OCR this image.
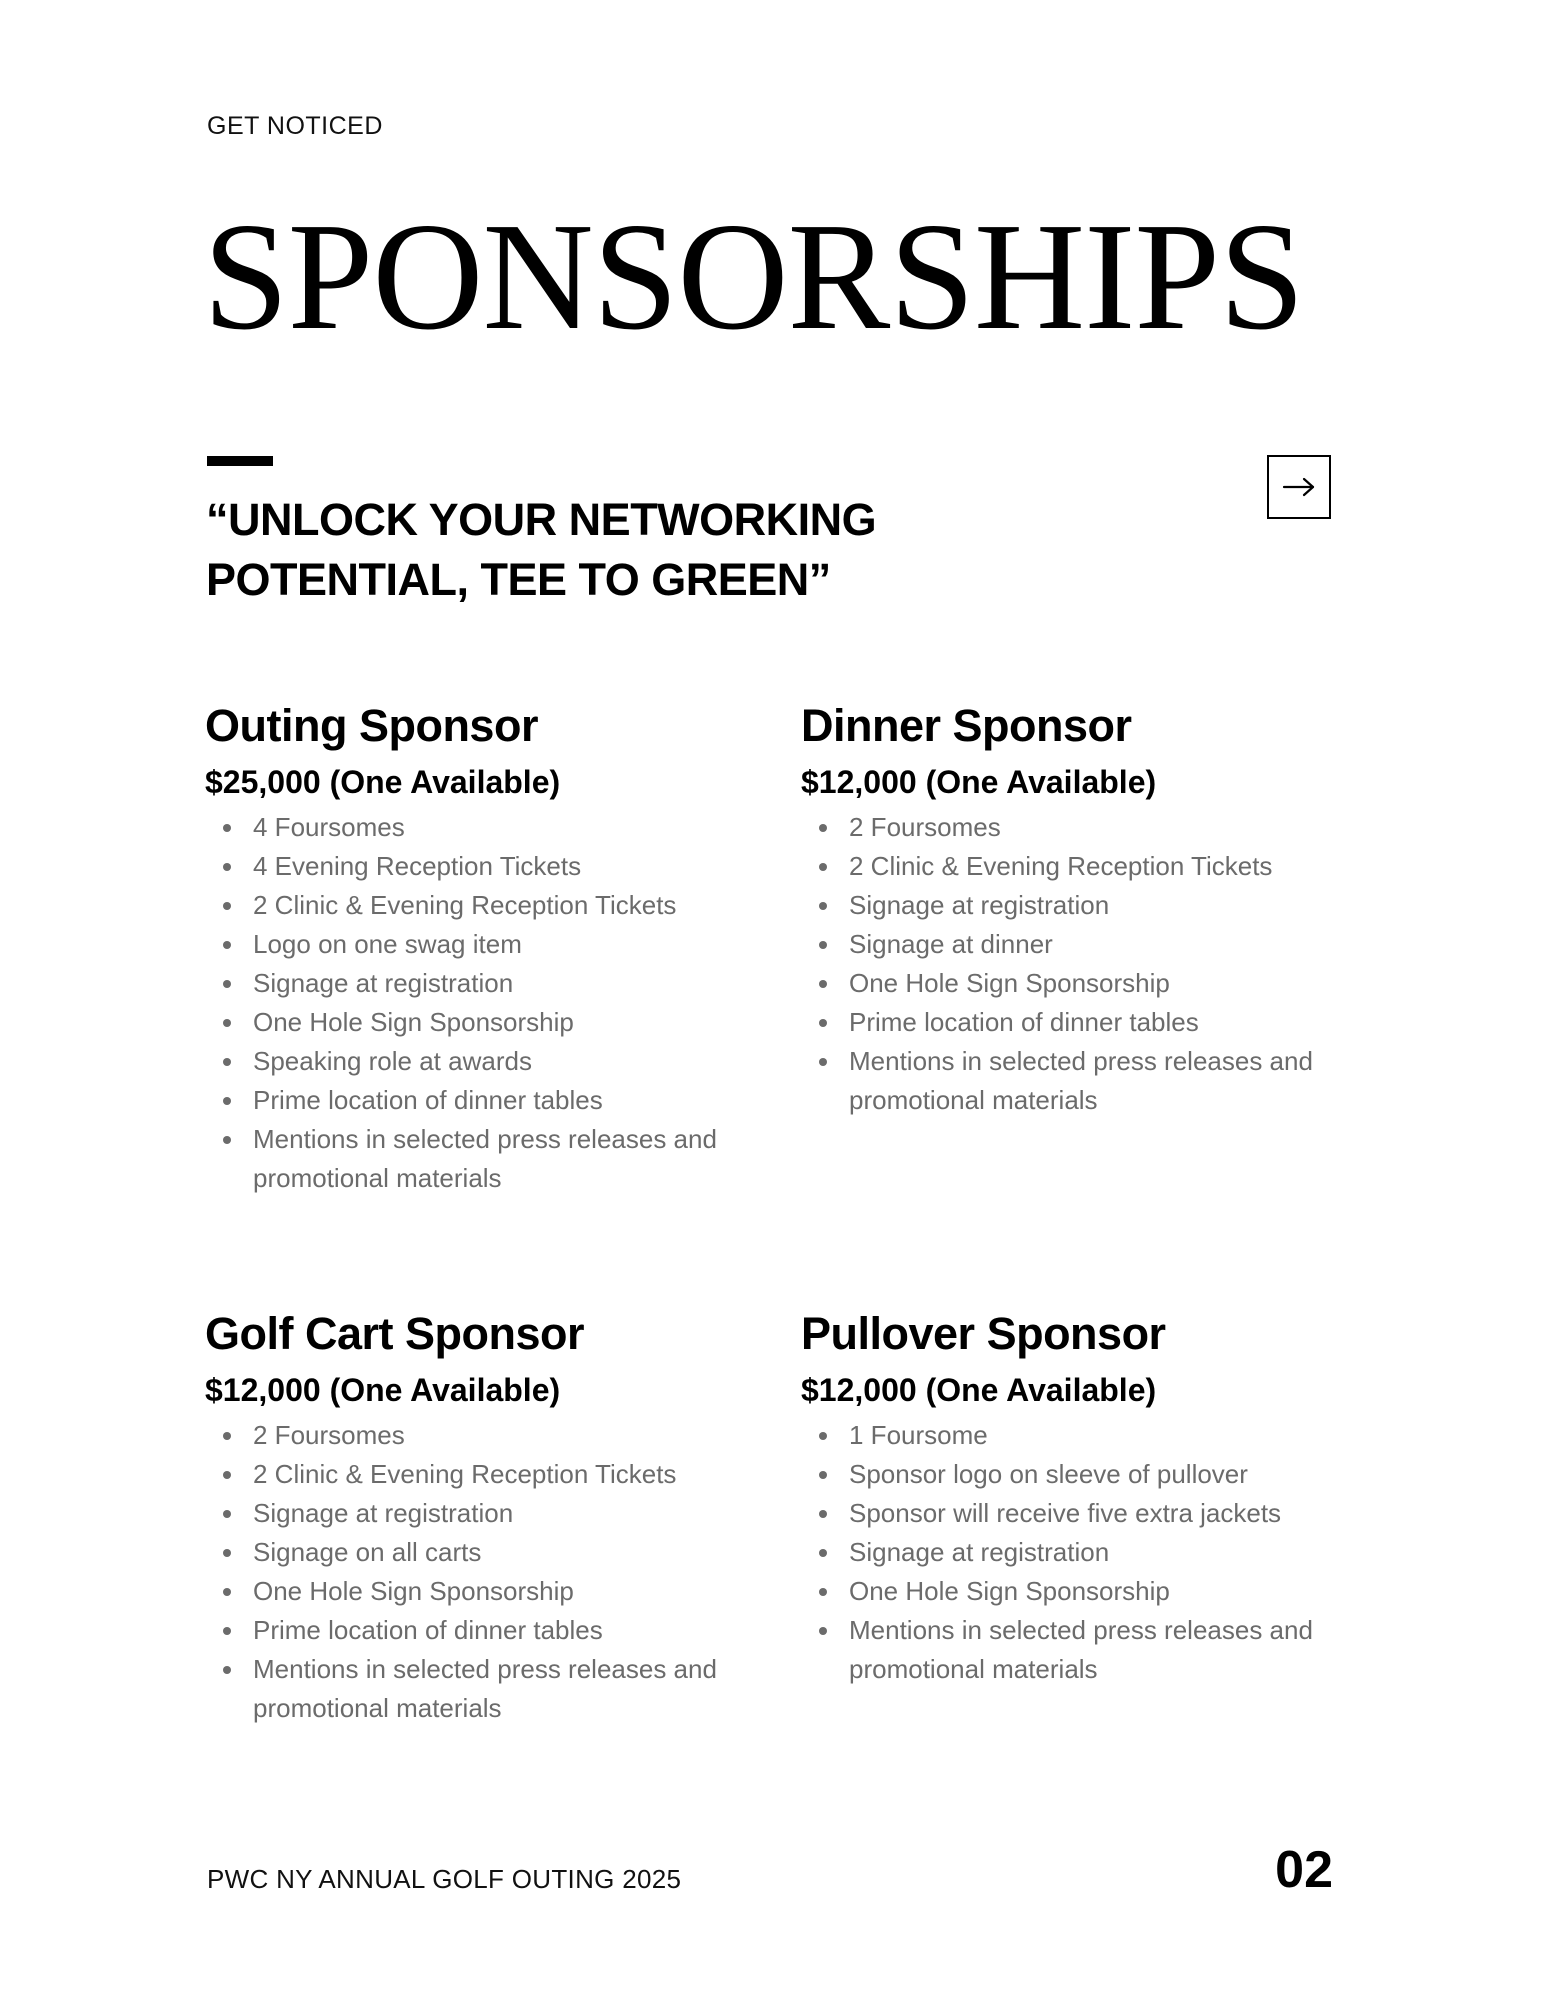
GET NOTICED

SPONSORSHIPS
“UNLOCK YOUR NETWORKING POTENTIAL, TEE TO GREEN”
Outing Sponsor

$25,000 (One Available)

4 Foursomes
4 Evening Reception Tickets
2 Clinic & Evening Reception Tickets
Logo on one swag item
Signage at registration
One Hole Sign Sponsorship
Speaking role at awards
Prime location of dinner tables
Mentions in selected press releases and promotional materials
Dinner Sponsor

$12,000 (One Available)

2 Foursomes
2 Clinic & Evening Reception Tickets
Signage at registration
Signage at dinner
One Hole Sign Sponsorship
Prime location of dinner tables
Mentions in selected press releases and promotional materials
Golf Cart Sponsor

$12,000 (One Available)

2 Foursomes
2 Clinic & Evening Reception Tickets
Signage at registration
Signage on all carts
One Hole Sign Sponsorship
Prime location of dinner tables
Mentions in selected press releases and promotional materials
Pullover Sponsor

$12,000 (One Available)

1 Foursome
Sponsor logo on sleeve of pullover
Sponsor will receive five extra jackets
Signage at registration
One Hole Sign Sponsorship
Mentions in selected press releases and promotional materials

PWC NY ANNUAL GOLF OUTING 2025	02
